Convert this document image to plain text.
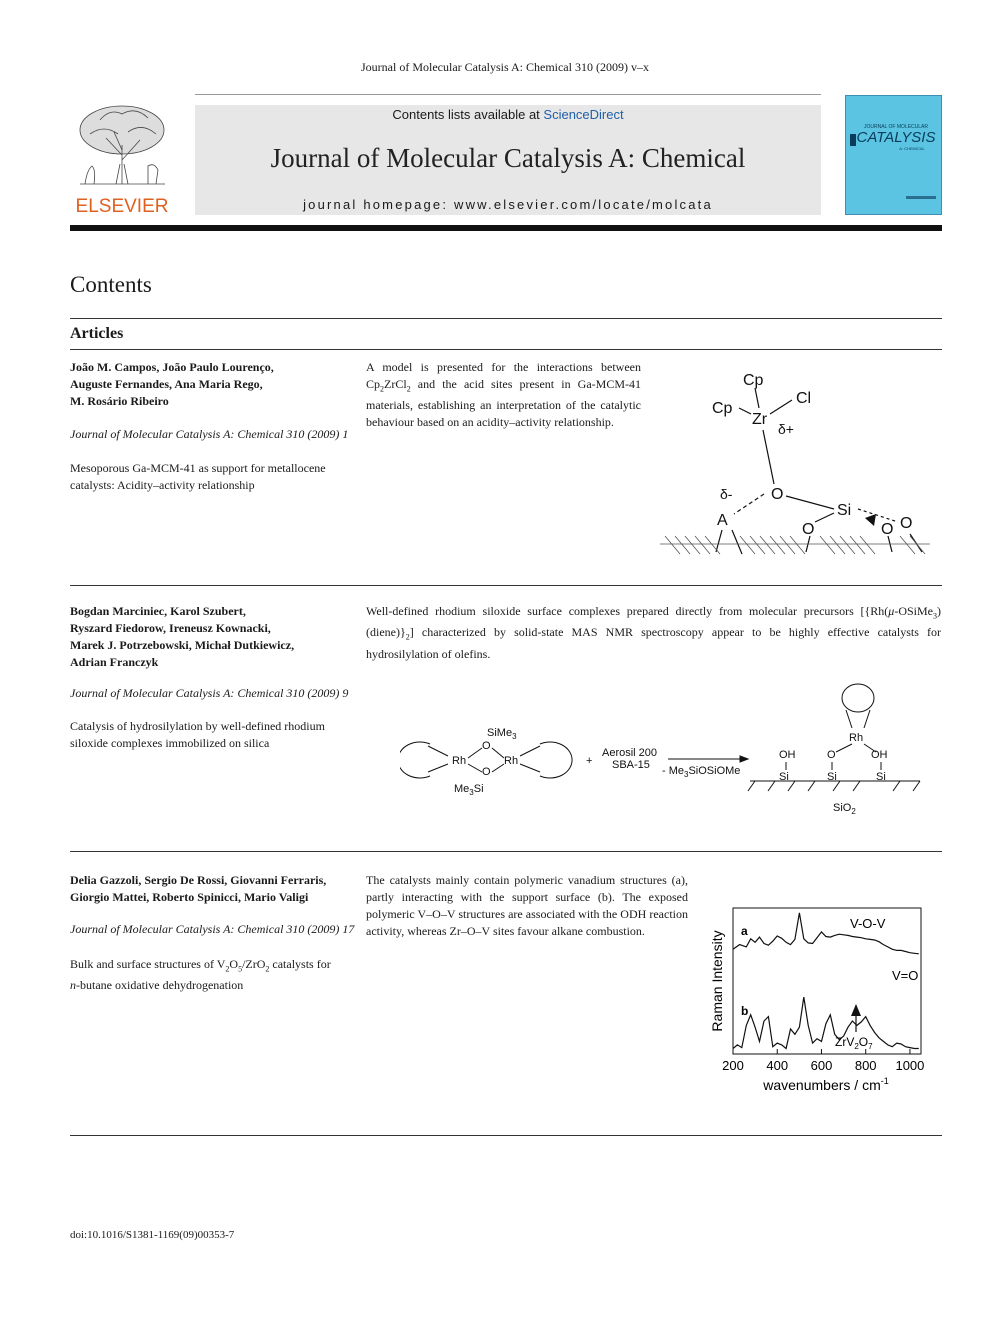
Journal of Molecular Catalysis A: Chemical 310 (2009) v–x
Contents lists available at ScienceDirect
Journal of Molecular Catalysis A: Chemical
journal homepage: www.elsevier.com/locate/molcata
ELSEVIER
JOURNAL OF MOLECULAR
CATALYSIS
A: CHEMICAL
Contents
Articles
João M. Campos, João Paulo Lourenço,
Auguste Fernandes, Ana Maria Rego,
M. Rosário Ribeiro
Journal of Molecular Catalysis A: Chemical 310 (2009) 1
Mesoporous Ga-MCM-41 as support for metallocene
catalysts: Acidity–activity relationship
A model is presented for the interactions between $Cp_2ZrCl_2$ and the acid sites present in Ga-MCM-41 materials, establishing an interpretation of the catalytic behaviour based on an acidity–activity relationship.
Cp
Cp
Cl
Zr
δ+
δ-
A
O
Si
O	O O
Bogdan Marciniec, Karol Szubert,
Ryszard Fiedorow, Ireneusz Kownacki,
Marek J. Potrzebowski, Michał Dutkiewicz,
Adrian Franczyk
Journal of Molecular Catalysis A: Chemical 310 (2009) 9
Catalysis of hydrosilylation by well-defined rhodium
siloxide complexes immobilized on silica
Well-defined rhodium siloxide surface complexes prepared directly from molecular precursors $[\{Rh(\mu-OSiMe_3)(diene)\}_2]$ characterized by solid-state MAS NMR spectroscopy appear to be highly effective catalysts for hydrosilylation of olefins.
SiMe$_3$
O
Rh	Rh
O
$Me_3Si$
+
Aerosil 200
$SBA-15 - Me_3SiOSiOMe$
Rh
OH	O	OH
Si	Si	Si
SiO$_2$
Delia Gazzoli, Sergio De Rossi, Giovanni Ferraris,
Giorgio Mattei, Roberto Spinicci, Mario Valigi
Journal of Molecular Catalysis A: Chemical 310 (2009) 17
Bulk and surface structures of $V_2O_5/ZrO_2$ catalysts for
n-butane oxidative dehydrogenation
The catalysts mainly contain polymeric vanadium structures (a), partly interacting with the support surface (b). The exposed polymeric V–O–V structures are associated with the ODH reaction activity, whereas Zr–O–V sites favour alkane combustion.
200 400 600 800 1000
a
b
V-O-V
V=O
$ZrV_2O_7$
Raman Intensity
wavenumbers / $cm^{-1}$
doi:10.1016/S1381-1169(09)00353-7
